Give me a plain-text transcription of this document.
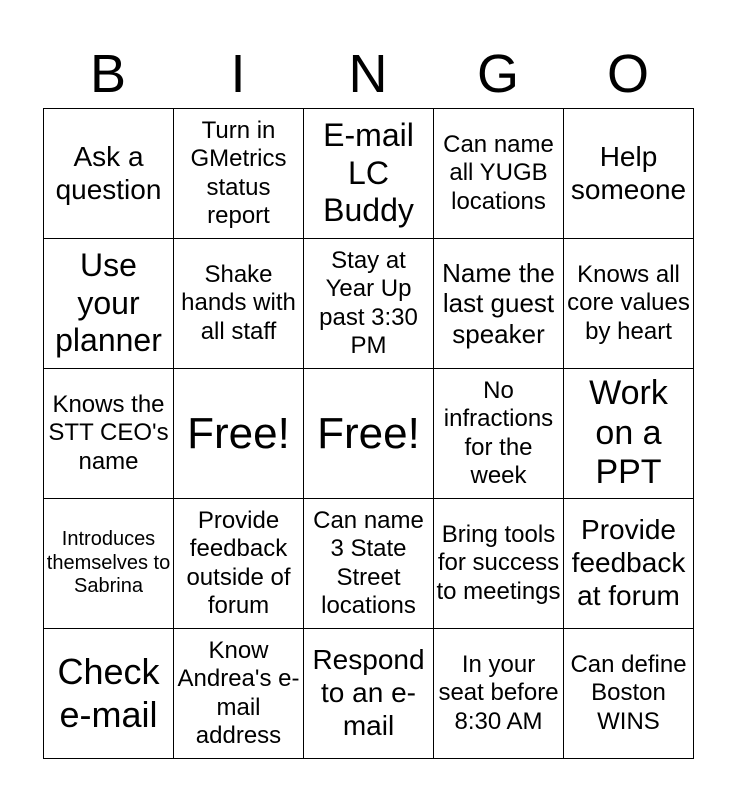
B	I	N	G	O
Ask a question	Turn in GMetrics status report	E-mail LC Buddy	Can name all YUGB locations	Help someone
Use your planner	Shake hands with all staff	Stay at Year Up past 3:30 PM	Name the last guest speaker	Knows all core values by heart
Knows the STT CEO's name	Free!	Free!	No infractions for the week	Work on a PPT
Introduces themselves to Sabrina	Provide feedback outside of forum	Can name 3 State Street locations	Bring tools for success to meetings	Provide feedback at forum
Check e-mail	Know Andrea's e-mail address	Respond to an e-mail	In your seat before 8:30 AM	Can define Boston WINS
